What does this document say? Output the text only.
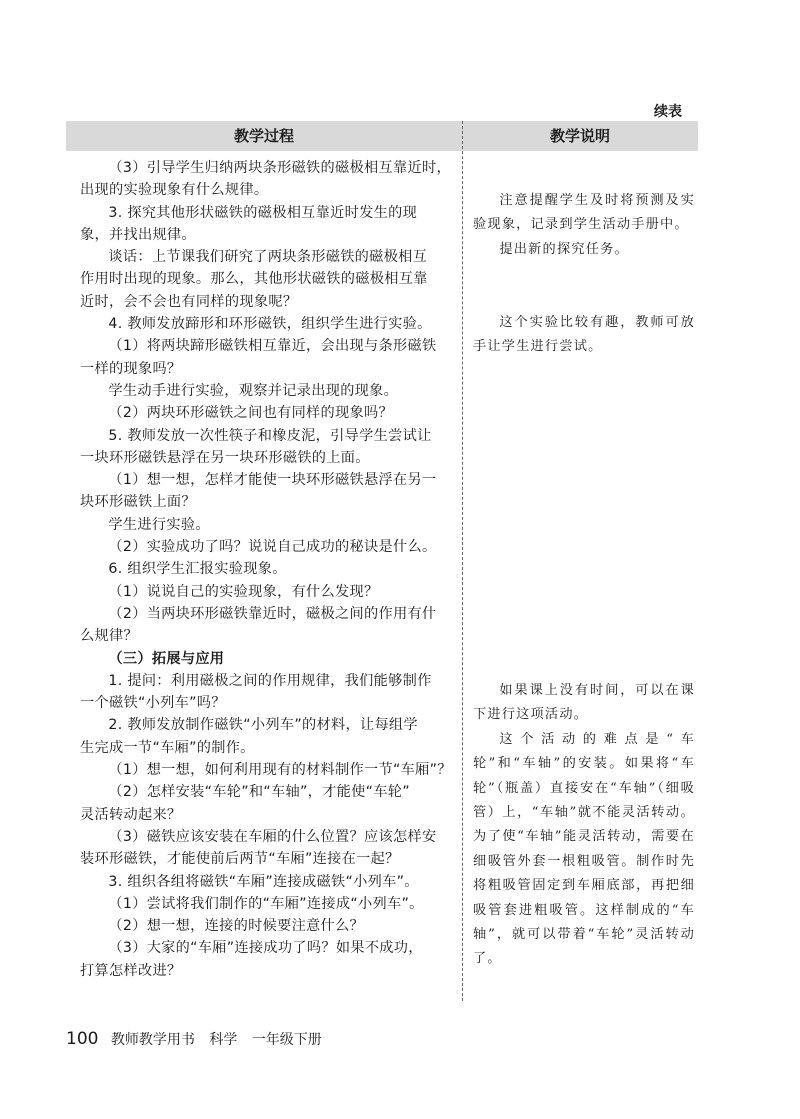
续表
教学过程	教学说明

（3）引导学生归纳两块条形磁铁的磁极相互靠近时，

出现的实验现象有什么规律。

3. 探究其他形状磁铁的磁极相互靠近时发生的现

象，并找出规律。

谈话：上节课我们研究了两块条形磁铁的磁极相互

作用时出现的现象。那么，其他形状磁铁的磁极相互靠

近时，会不会也有同样的现象呢？

4. 教师发放蹄形和环形磁铁，组织学生进行实验。

（1）将两块蹄形磁铁相互靠近，会出现与条形磁铁

一样的现象吗？

学生动手进行实验，观察并记录出现的现象。

（2）两块环形磁铁之间也有同样的现象吗？

5. 教师发放一次性筷子和橡皮泥，引导学生尝试让

一块环形磁铁悬浮在另一块环形磁铁的上面。

（1）想一想，怎样才能使一块环形磁铁悬浮在另一

块环形磁铁上面？

学生进行实验。

（2）实验成功了吗？说说自己成功的秘诀是什么。

6. 组织学生汇报实验现象。

（1）说说自己的实验现象，有什么发现？

（2）当两块环形磁铁靠近时，磁极之间的作用有什

么规律？

（三）拓展与应用

1. 提问：利用磁极之间的作用规律，我们能够制作

一个磁铁“小列车”吗？

2. 教师发放制作磁铁“小列车”的材料，让每组学

生完成一节“车厢”的制作。

（1）想一想，如何利用现有的材料制作一节“车厢”？

（2）怎样安装“车轮”和“车轴”，才能使“车轮”

灵活转动起来？

（3）磁铁应该安装在车厢的什么位置？应该怎样安

装环形磁铁，才能使前后两节“车厢”连接在一起？

3. 组织各组将磁铁“车厢”连接成磁铁“小列车”。

（1）尝试将我们制作的“车厢”连接成“小列车”。

（2）想一想，连接的时候要注意什么？

（3）大家的“车厢”连接成功了吗？如果不成功，

打算怎样改进？

注意提醒学生及时将预测及实验现象，记录到学生活动手册中。

提出新的探究任务。

这个实验比较有趣，教师可放手让学生进行尝试。

如果课上没有时间，可以在课下进行这项活动。

这个活动的难点是“车轮”和“车轴”的安装。如果将“车轮”（瓶盖）直接安在“车轴”（细吸管）上，“车轴”就不能灵活转动。为了使“车轴”能灵活转动，需要在细吸管外套一根粗吸管。制作时先将粗吸管固定到车厢底部，再把细吸管套进粗吸管。这样制成的“车轴”，就可以带着“车轮”灵活转动了。

100 教师教学用书 科学 一年级下册
